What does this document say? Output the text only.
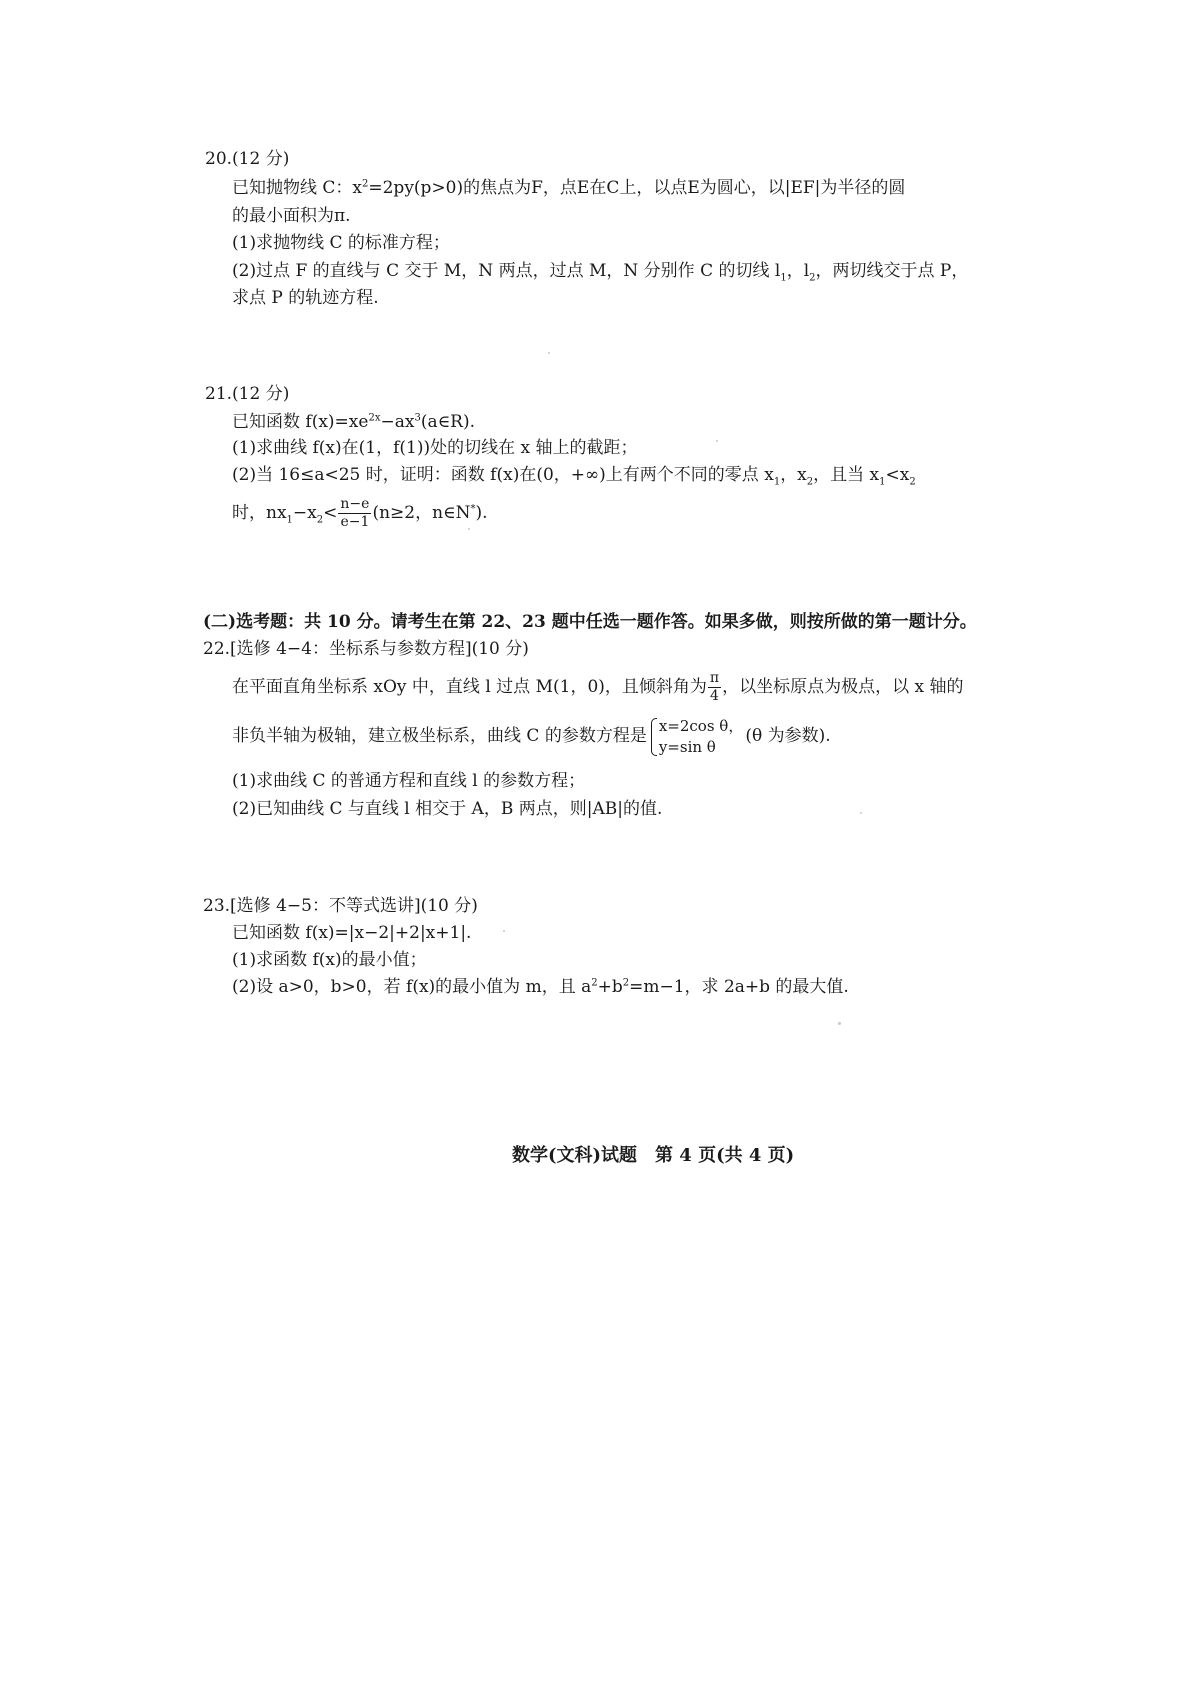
20.(12 分)
已知抛物线 C：$x^2=2py(p>0)$的焦点为F，点E在C上，以点E为圆心，以|EF|为半径的圆
的最小面积为π.
(1)求抛物线 C 的标准方程；
(2)过点 F 的直线与 C 交于 M，N 两点，过点 M，N 分别作 C 的切线 $l_1$，$l_2$，两切线交于点 P，
求点 P 的轨迹方程.
21.(12 分)
已知函数 $f(x)=xe^{2x}-ax^3(a\in R)$.
(1)求曲线 f(x)在(1，f(1))处的切线在 x 轴上的截距；
(2)当 16≤a<25 时，证明：函数 f(x)在(0，+∞)上有两个不同的零点 $x_1$，$x_2$，且当 $x_1<x_2$
时，$nx_1-x_2< \frac{n-e}{e-1} (n\ge 2$，n∈N*).
(二)选考题：共 10 分。请考生在第 22、23 题中任选一题作答。如果多做，则按所做的第一题计分。
22.[选修 4−4：坐标系与参数方程](10 分)
在平面直角坐标系 xOy 中，直线 l 过点 M(1，0)，且倾斜角为 $\frac{\pi}{4}$ ，以坐标原点为极点，以 x 轴的
非负半轴为极轴，建立极坐标系，曲线 C 的参数方程是
x=2cos θ，
y=sin θ
(θ 为参数).
(1)求曲线 C 的普通方程和直线 l 的参数方程；
(2)已知曲线 C 与直线 l 相交于 A，B 两点，则|AB|的值.
23.[选修 4−5：不等式选讲](10 分)
已知函数 f(x)=|x−2|+2|x+1|.
(1)求函数 f(x)的最小值；
(2)设 a>0，b>0，若 f(x)的最小值为 m，且 $a^2+b^2=m-1$，求 2a+b 的最大值.
数学(文科)试题　第 4 页(共 4 页)
